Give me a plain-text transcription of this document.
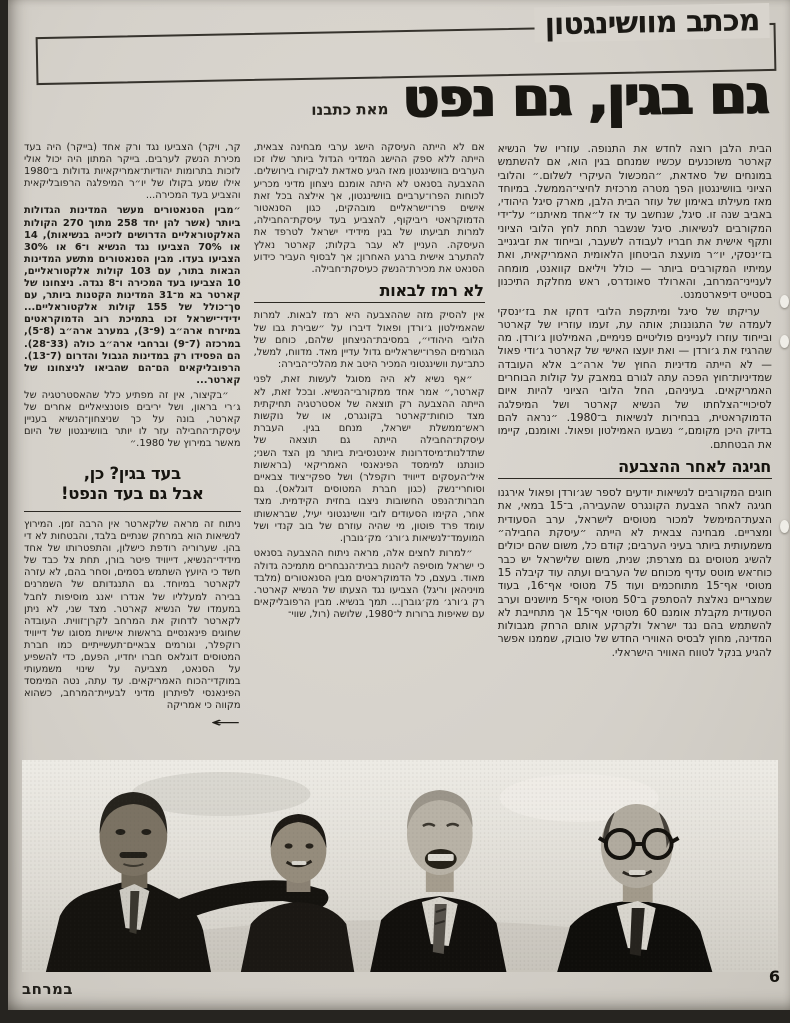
מכתב מוושינגטון
גם בגין, גם נפט
מאת כתבנו

הבית הלבן רוצה לחדש את התנופה. עוזריו של הנשיא קארטר משוכנעים עכשיו שמנחם בגין הוא, אם להשתמש במונחים של סאדאת, ״המכשול העיקרי לשלום.״ והלובי הציוני בוושינגטון הפך מטרה מרכזית לחיצי־הממשל. במיוחד מאז מעילתו באימון של עוזר הבית הלבן, מארק סיגל היהודי, באביב שנה זו. סיגל, שנחשב עד אז ל״אחד מאיתנו״ על־ידי המקורבים לנשיאות. סיגל שנשבר תחת לחץ הלובי הציוני ותקף אישית את חבריו לעבודה לשעבר, ובייחוד את זביגנייב בז׳ינסקי, יו״ר מועצת הביטחון הלאומית האמריקאית, ואת עמיתיו המקורבים ביותר — כולל ויליאם קוואנט, מומחה לענייני־המרחב, והארולד סאונדרס, ראש מחלקת התיכנון בסטייט דיפארטמנט.

עריקתו של סיגל ומיתקפת הלובי דחקו את בז׳ינסקי לעמדה של התגוננות; אותה עת, זעמו עוזריו של קארטר ובייחוד עוזרו לעניינים פוליטיים פנימיים, האמילטון ג׳ורדן. מה שהרגיז את ג׳ורדן — ואת יועצו האישי של קארטר ג׳ודי פאול — לא הייתה מדיניות החוץ של ארה״ב אלא העובדה שמדיניות־חוץ הפכה עתה לגורם במאבק על קולות הבוחרים האמריקאים. בעיניהם, החל הלובי הציוני להיות איום לסיכויי־הצלחתו של הנשיא קארטר ושל המיפלגה הדמוקראטית, בבחירות לנשיאות ב־1980. ״נראה להם בדיוק היכן מקומם,״ נשבעו האמילטון ופאול. ואומנם, קיימו את הבטחתם.

חגיגה לאחר ההצבעה

חוגים המקורבים לנשיאות יודעים לספר שג׳ורדן ופאול אירגנו חגיגה לאחר הצבעת הקונגרס שהעבירה, ב־15 במאי, את הצעת־המימשל למכור מטוסים לישראל, ערב הסעודית ומצריים. מבחינה צבאית לא הייתה ״עיסקת החבילה״ משמעותית ביותר בעיני הערבים; קודם כל, משום שהם יכולים להשיג מטוסים גם מצרפת; שנית, משום שלישראל יש כבר כוח־אש מוטס עדיף מכוחם של הערבים ועתה עוד קיבלה 15 מטוסי אף־15 מתוחכמים ועוד 75 מטוסי אף־16, בעוד שמצריים נאלצת להסתפק ב־50 מטוסי אף־5 מיושנים וערב הסעודית מקבלת אומנם 60 מטוסי אף־15 אך מתחייבת לא להשתמש בהם נגד ישראל ולקרקע אותם הרחק מגבולות המדינה, מחוץ לבסיס האווירי החדש של טובוק, שממנו אפשר להגיע בנקל לטווח האוויר הישראלי.

אם לא הייתה העיסקה הישג ערבי מבחינה צבאית, הייתה ללא ספק ההישג המדיני הגדול ביותר שלו זכו הערבים בוושינגטון מאז הגיע סאדאת לביקורו בירושלים. ההצבעה בסנאט לא היתה אומנם ניצחון מדיני מכריע לכוחות הפרו־ערביים בוושינגטון, אך אילצה בכל זאת אישים פרו־ישראליים מובהקים, כגון הסנאטור הדמוקראטי ריביקוף, להצביע בעד עיסקת־החבילה, למרות תביעתו של בגין מידידי ישראל לטרפד את העיסקה. העניין לא עבר בקלות; קארטר נאלץ להתערב אישית ברגע האחרון; אך לבסוף העביר כידוע הסנאט את מכירת־הנשק כעיסקת־חבילה.

לא רמז לבאות

אין להסיק מזה שההצבעה היא רמז לבאות. למרות שהאמילטון ג׳ורדן ופאול דיברו על ״שבירת גבו של הלובי היהודי״, במסיבת־הניצחון שלהם, כוחם של הגורמים הפרו־ישראליים גדול עדיין מאד. מדווח, למשל, כתב־עת וושינגטוני המכיר היטב את מהלכי־הבירה:

״אף נשיא לא היה מסוגל לעשות זאת, לפני קארטר,״ אמר אחד ממקורבי־הנשיא. ובכל זאת, לא הייתה ההצבעה רק תוצאה של אסטרטגיה תחיקתית מצד כוחות־קארטר בקונגרס, או של נוקשות ראש־ממשלת ישראל, מנחם בגין. העברת עיסקת־החבילה הייתה גם תוצאה של שתדלנות־מיסדרונות אינטנסיבית ביותר מן הצד השני; כוונתנו למימסד הפינאנסי האמריקאי (בראשות איל־העסקים דייוויד רוקפלר) ושל ספקי־ציוד צבאיים וסוחרי־נשק (כגון חברת המטוסים דוגלאס). גם חברות־הנפט החשובות ניצבו בחזית הקידמית. מצד אחר, הקימו הסעודים לובי וושינגטוני יעיל, שבראשותו עומד פרד פוטון, מי שהיה עוזרם של בוב קנדי ושל המועמד־לנשיאות ג׳ורג׳ מק׳גוברן.

״למרות לחצים אלה, מראה ניתוח ההצבעה בסנאט כי ישראל מוסיפה ליהנות בבית־הנבחרים מתמיכה גדולה מאוד. בעצם, כל הדמוקראטים מבין הסנאטורים (מלבד מויניהאן וריגל) הצביעו נגד הצעתו של הנשיא קארטר. רק ג׳ורג׳ מק׳גוברן... תמך בנשיא. מבין הרפובליקאים עם שאיפות ברורות ל־1980, שלושה (רול, שווי־

קר, ויקר) הצביעו נגד ורק אחד (בייקר) היה בעד מכירת הנשק לערבים. בייקר המתון היה יכול אולי לזכות בתרומות יהודיות־אמריקאיות גדולות ב־1980 אילו שמע בקולו של יו״ר המיפלגה הרפובליקאית והצביע בעד המכירה...

״מבין הסנאטורים מעשר המדינות הגדולות ביותר (אשר להן יחד 258 מתוך 270 הקולות האלקטוראליים הדרושים לזכייה בנשיאות), 14 או 70% הצביעו נגד הנשיא ו־6 או 30% הצביעו בעדו. מבין הסנאטורים מתשע המדינות הבאות בתור, עם 103 קולות אלקטוראליים, 10 הצביעו בעד המכירה ו־8 נגדה. ניצחונו של קארטר בא מ־31 המדינות הקטנות ביותר, עם סך־כולל של 155 קולות אלקטוראליים... ידידי־ישראל זכו בתמיכת רוב הדמוקראטים במיזרח ארה״ב (9־3), במערב ארה״ב (8־5), במרכזה (7־9) וברחבי ארה״ב כולה (33־28). הם הפסידו רק במדינות הגבול והדרום (7־13). הרפובליקאים הם־הם שהביאו לניצחונו של קארטר...

״בקיצור, אין זה מפתיע כלל שהאסטרטגיה של ג׳רי בראון, ושל יריבים פוטנציאליים אחרים של קארטר, בונה על כך שניצחון־הנשיא בעניין עיסקת־החבילה עזר לו יותר בוושינגטון של היום מאשר במירוץ של 1980.״

בעד בגין? כן,
אבל גם בעד הנפט!

ניתוח זה מראה שלקארטר אין הרבה זמן. המירוץ לנשיאות הוא במרחק שנתיים בלבד, והבטחות לא די בהן. שערוריה רודפת כישלון, והתפטרותו של אחד מידידי־הנשיא, דייוויד פיטר בורן, תחת צל כבד של חשד כי היועץ השתמש בסמים, וסחר בהם, לא עזרה לקארטר במיוחד. גם התנגדותם של השמרנים בבירה למעלליו של אנדרו יאנג מוסיפות לחבל במעמדו של הנשיא קארטר. מצד שני, לא ניתן לקארטר לדחוק את המרחב לקרן־זווית. העובדה שחוגים פינאנסיים בראשות אישיות מסוגו של דייוויד רוקפלר, וגורמים צבאיים־תעשייתיים כמו חברת המטוסים דוגלאס חברו יחדיו, הפעם, כדי להשפיע על הסנאט, מצביעה על שינוי משמעותי במוקדי־הכוח האמריקאים. עד עתה, נטה המימסד הפינאנסי לפיתרון מדיני לבעיית־המרחב, כשהוא מקווה כי אמריקה

←
במרחב
6
